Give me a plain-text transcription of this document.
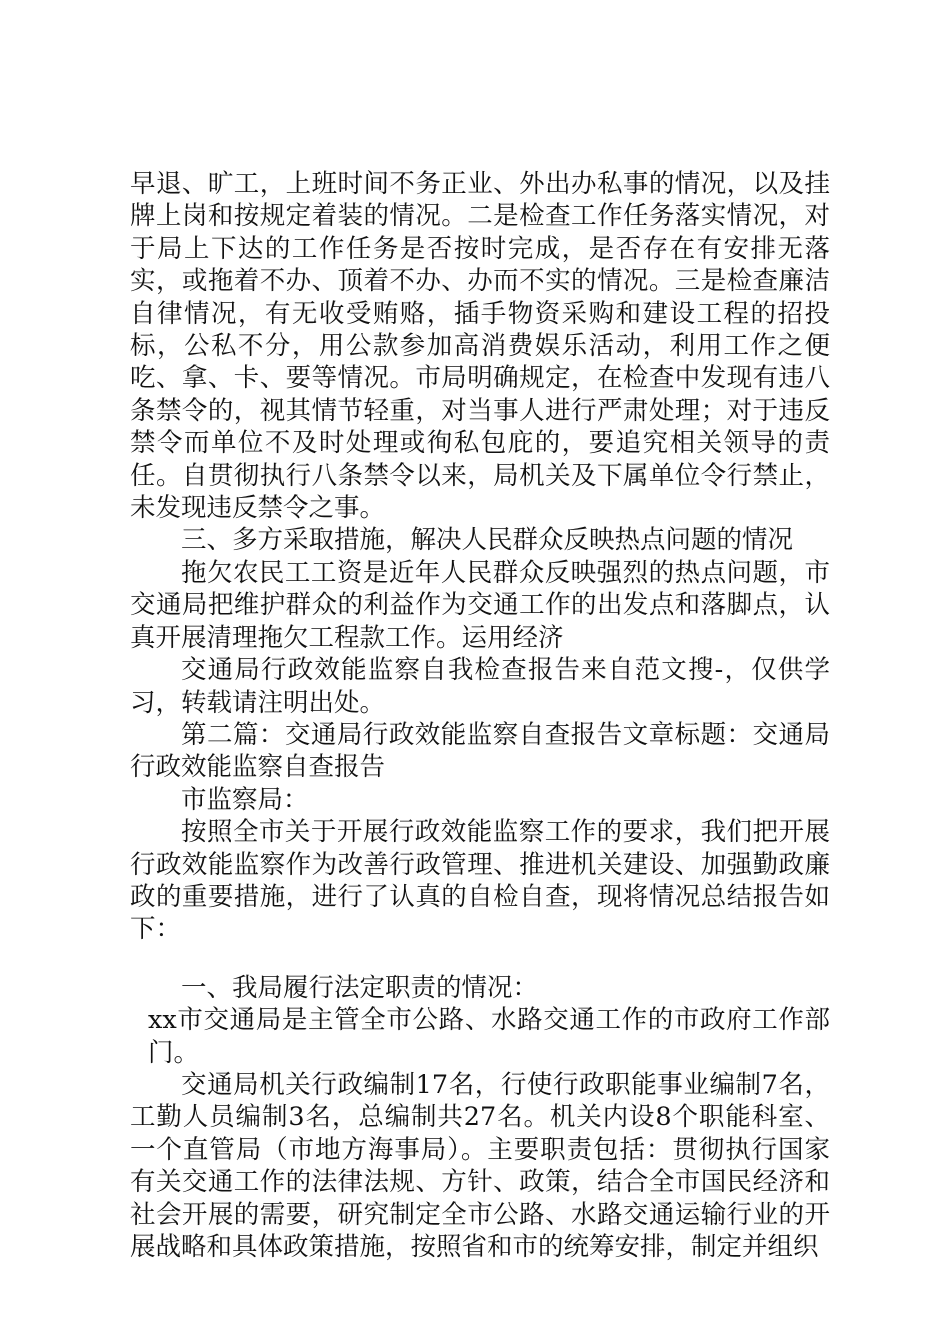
早退、旷工，上班时间不务正业、外出办私事的情况，以及挂牌上岗和按规定着装的情况。二是检查工作任务落实情况，对于局上下达的工作任务是否按时完成，是否存在有安排无落实，或拖着不办、顶着不办、办而不实的情况。三是检查廉洁自律情况，有无收受贿赂，插手物资采购和建设工程的招投标，公私不分，用公款参加高消费娱乐活动，利用工作之便吃、拿、卡、要等情况。市局明确规定，在检查中发现有违八条禁令的，视其情节轻重，对当事人进行严肃处理；对于违反禁令而单位不及时处理或徇私包庇的，要追究相关领导的责任。自贯彻执行八条禁令以来，局机关及下属单位令行禁止，未发现违反禁令之事。

三、多方采取措施，解决人民群众反映热点问题的情况

拖欠农民工工资是近年人民群众反映强烈的热点问题，市交通局把维护群众的利益作为交通工作的出发点和落脚点，认真开展清理拖欠工程款工作。运用经济

交通局行政效能监察自我检查报告来自范文搜-，仅供学习，转载请注明出处。

第二篇：交通局行政效能监察自查报告文章标题：交通局行政效能监察自查报告

市监察局：

按照全市关于开展行政效能监察工作的要求，我们把开展行政效能监察作为改善行政管理、推进机关建设、加强勤政廉政的重要措施，进行了认真的自检自查，现将情况总结报告如下：

一、我局履行法定职责的情况：

xx市交通局是主管全市公路、水路交通工作的市政府工作部门。

交通局机关行政编制17名，行使行政职能事业编制7名，工勤人员编制3名，总编制共27名。机关内设8个职能科室、一个直管局（市地方海事局）。主要职责包括：贯彻执行国家有关交通工作的法律法规、方针、政策，结合全市国民经济和社会开展的需要，研究制定全市公路、水路交通运输行业的开展战略和具体政策措施，按照省和市的统筹安排，制定并组织
